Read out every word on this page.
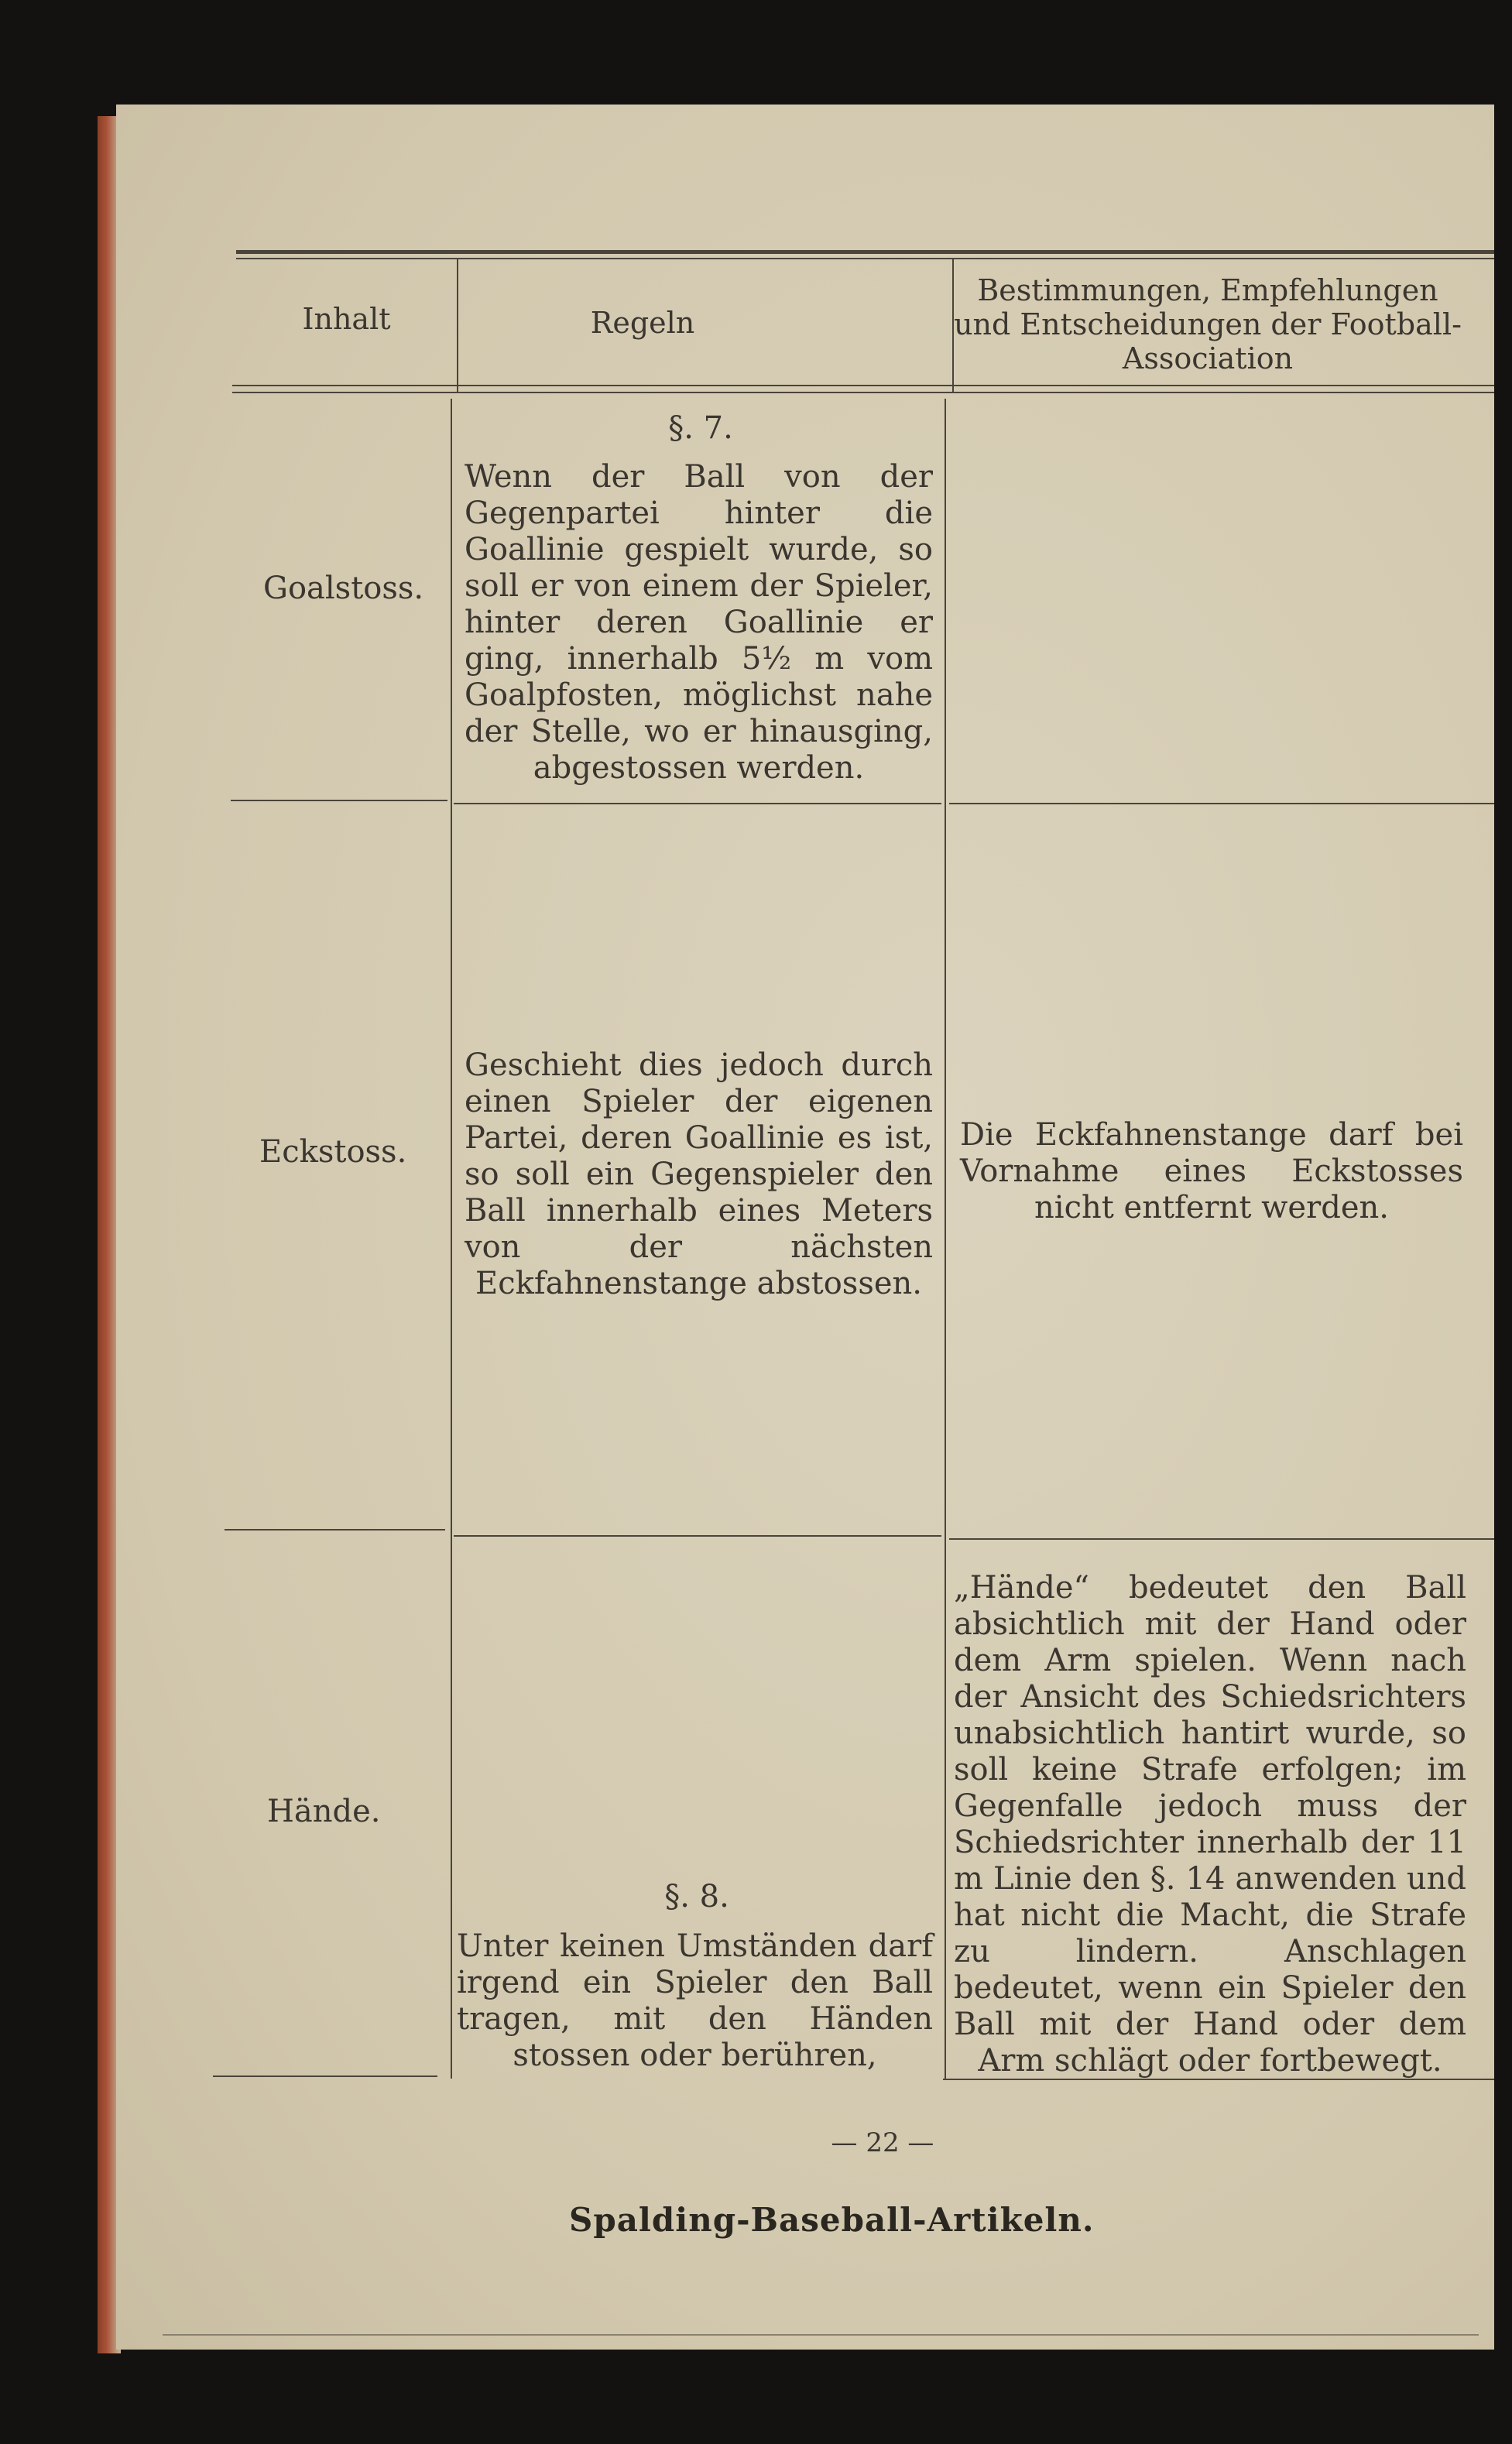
Inhalt	Regeln
Bestimmungen, Empfehlungen und Entscheidungen der Football-Association
Goalstoss.
§. 7.
Wenn der Ball von der Gegenpartei hinter die Goallinie gespielt wurde, so soll er von einem der Spieler, hinter deren Goallinie er ging, innerhalb 5½ m vom Goalpfosten, möglichst nahe der Stelle, wo er hinausging, abgestossen werden.
Eckstoss.
Geschieht dies jedoch durch einen Spieler der eigenen Partei, deren Goallinie es ist, so soll ein Gegenspieler den Ball innerhalb eines Meters von der nächsten Eckfahnenstange abstossen.
Die Eckfahnenstange darf bei Vornahme eines Eckstosses nicht entfernt werden.
Hände.
§. 8.
Unter keinen Umständen darf irgend ein Spieler den Ball tragen, mit den Händen stossen oder berühren,
„Hände“ bedeutet den Ball absichtlich mit der Hand oder dem Arm spielen. Wenn nach der Ansicht des Schiedsrichters unabsichtlich hantirt wurde, so soll keine Strafe erfolgen; im Gegenfalle jedoch muss der Schiedsrichter innerhalb der 11 m Linie den §. 14 anwenden und hat nicht die Macht, die Strafe zu lindern. Anschlagen bedeutet, wenn ein Spieler den Ball mit der Hand oder dem Arm schlägt oder fortbewegt.
— 22 —
Spalding-Baseball-Artikeln.
